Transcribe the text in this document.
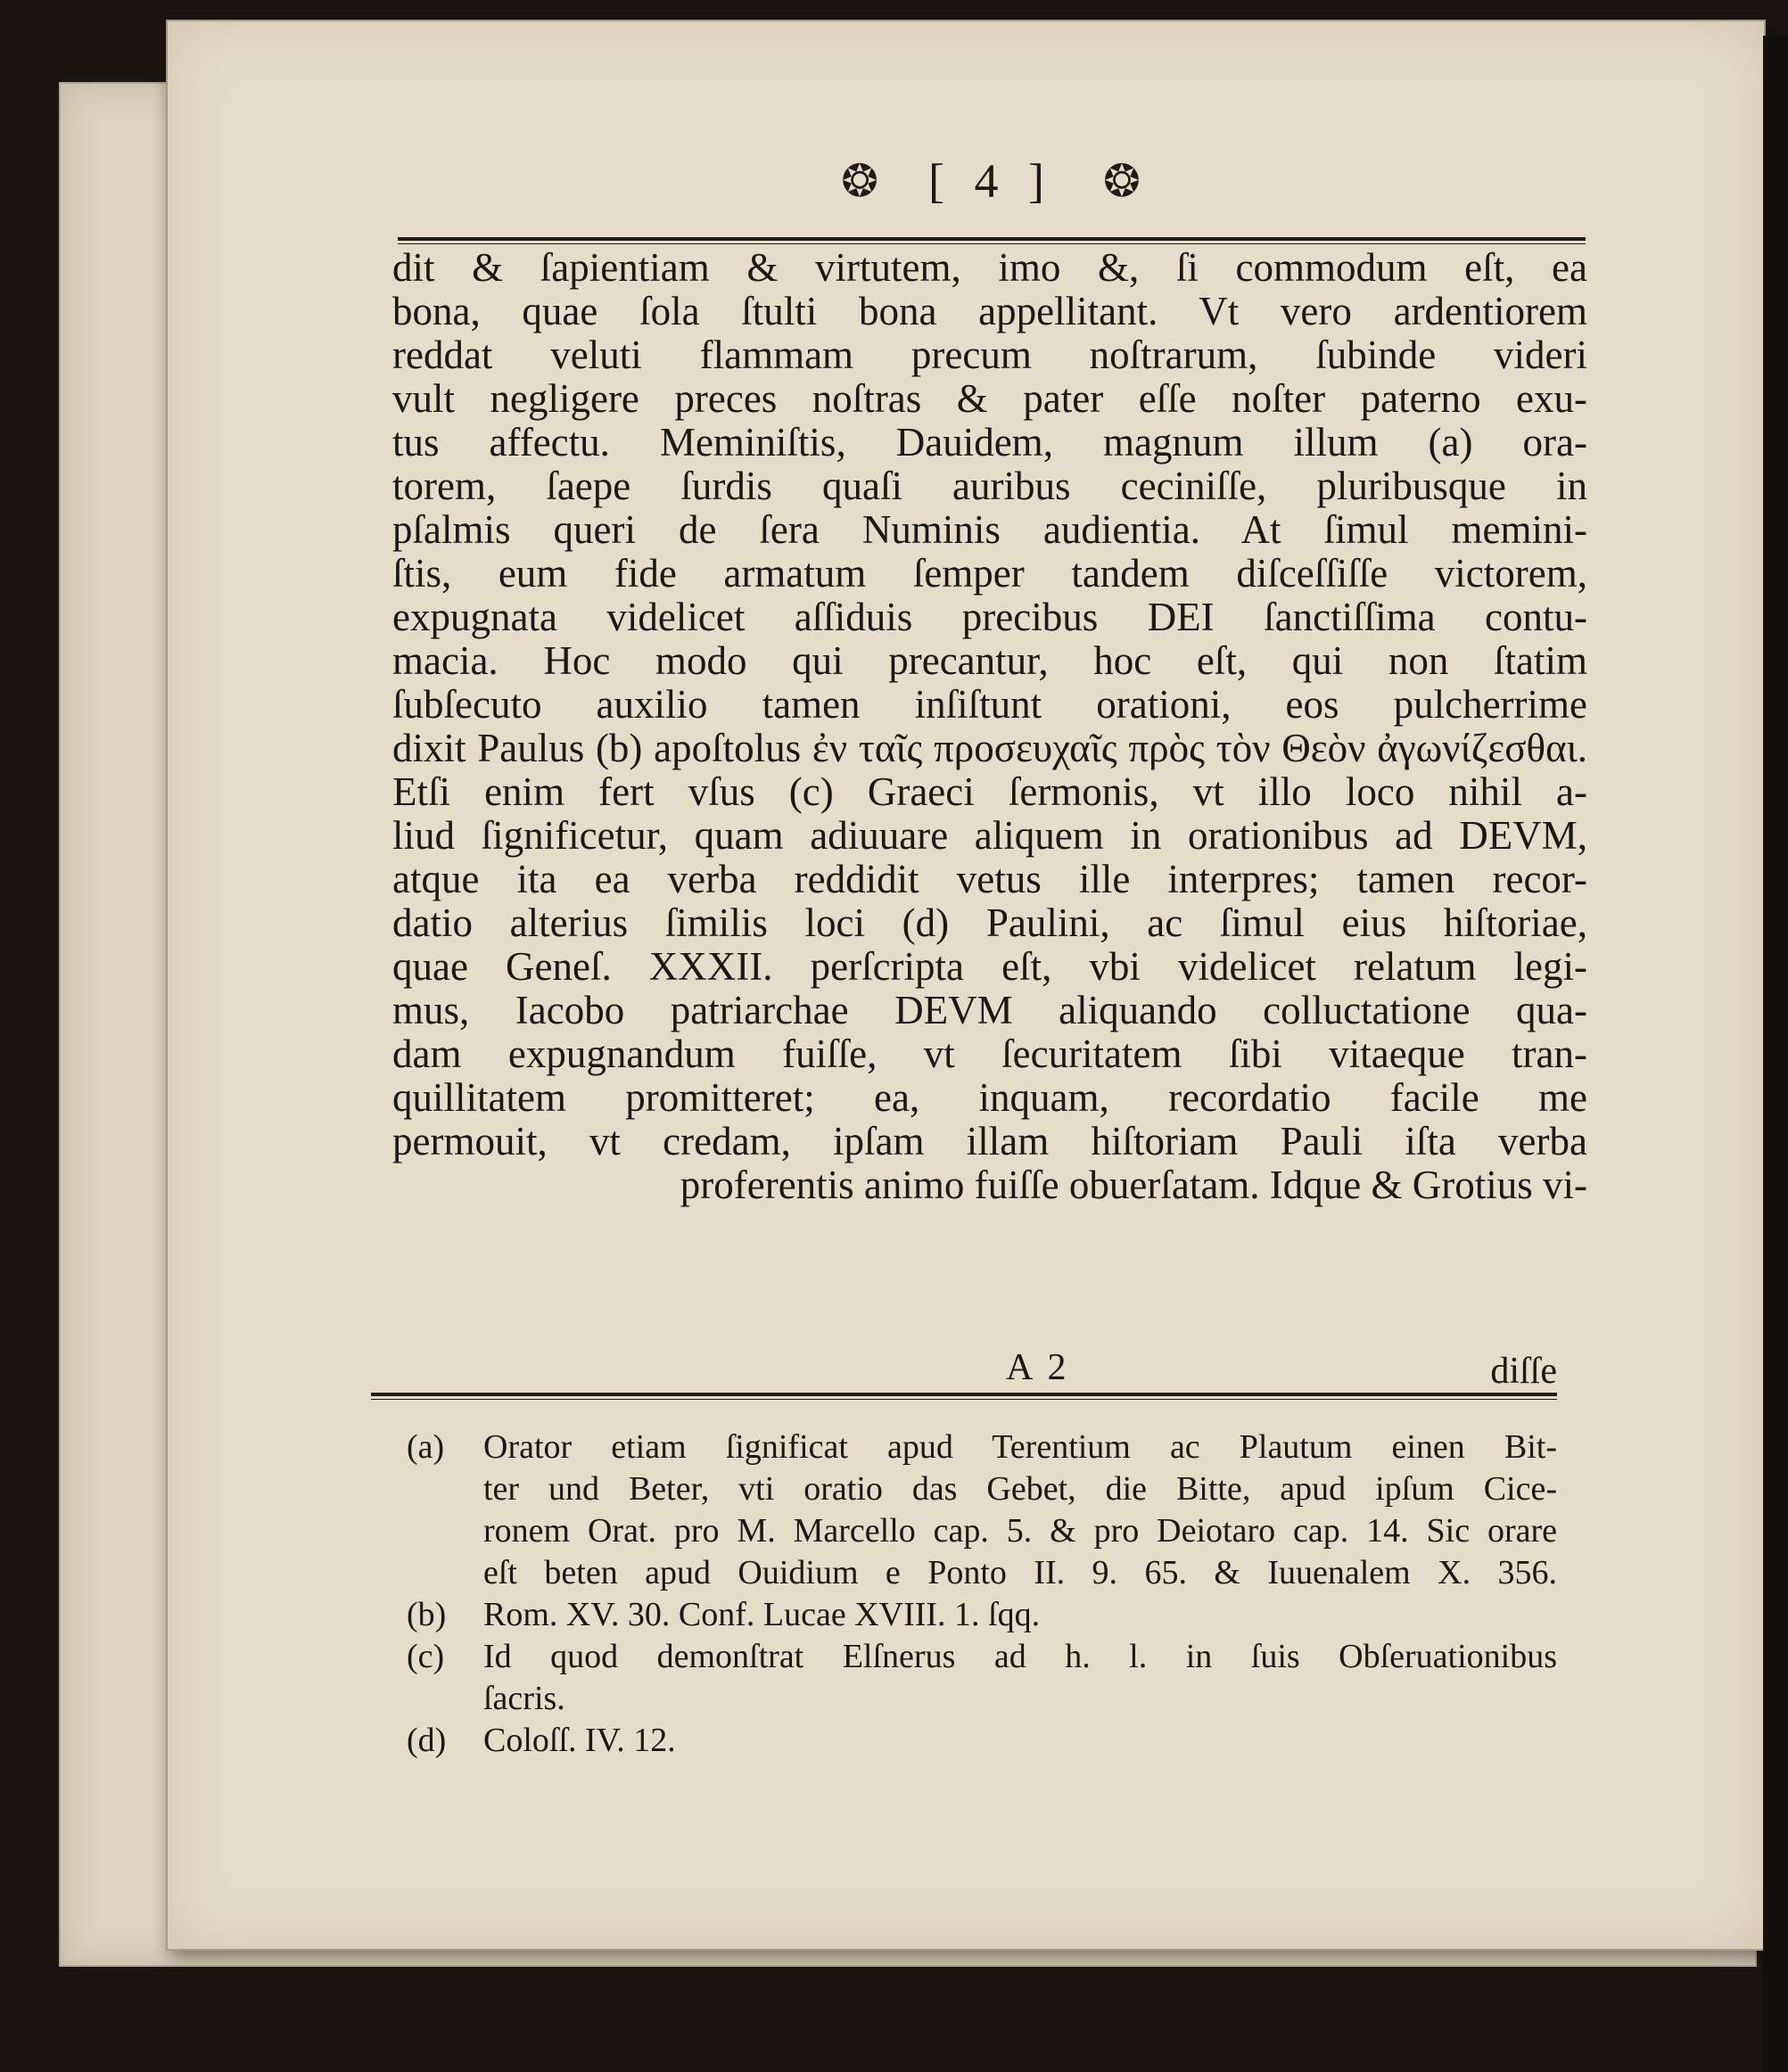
❂ [ 4 ] ❂
dit & ſapientiam & virtutem, imo &, ſi commodum eſt, ea
bona, quae ſola ſtulti bona appellitant. Vt vero ardentiorem
reddat veluti flammam precum noſtrarum, ſubinde videri
vult negligere preces noſtras & pater eſſe noſter paterno exu-
tus affectu. Meminiſtis, Dauidem, magnum illum (a) ora-
torem, ſaepe ſurdis quaſi auribus ceciniſſe, pluribusque in
pſalmis queri de ſera Numinis audientia. At ſimul memini-
ſtis, eum fide armatum ſemper tandem diſceſſiſſe victorem,
expugnata videlicet aſſiduis precibus DEI ſanctiſſima contu-
macia. Hoc modo qui precantur, hoc eſt, qui non ſtatim
ſubſecuto auxilio tamen inſiſtunt orationi, eos pulcherrime
dixit Paulus (b) apoſtolus ἐν ταῖς προσευχαῖς πρὸς τὸν Θεὸν ἀγωνίζεσθαι.
Etſi enim fert vſus (c) Graeci ſermonis, vt illo loco nihil a-
liud ſignificetur, quam adiuuare aliquem in orationibus ad DEVM,
atque ita ea verba reddidit vetus ille interpres; tamen recor-
datio alterius ſimilis loci (d) Paulini, ac ſimul eius hiſtoriae,
quae Geneſ. XXXII. perſcripta eſt, vbi videlicet relatum legi-
mus, Iacobo patriarchae DEVM aliquando colluctatione qua-
dam expugnandum fuiſſe, vt ſecuritatem ſibi vitaeque tran-
quillitatem promitteret; ea, inquam, recordatio facile me
permouit, vt credam, ipſam illam hiſtoriam Pauli iſta verba
proferentis animo fuiſſe obuerſatam. Idque & Grotius vi-
A 2	diſſe
(a)	Orator etiam ſignificat apud Terentium ac Plautum einen Bit-
ter und Beter, vti oratio das Gebet, die Bitte, apud ipſum Cice-
ronem Orat. pro M. Marcello cap. 5. & pro Deiotaro cap. 14. Sic orare
eſt beten apud Ouidium e Ponto II. 9. 65. & Iuuenalem X. 356.
(b)	Rom. XV. 30. Conf. Lucae XVIII. 1. ſqq.
(c)	Id quod demonſtrat Elſnerus ad h. l. in ſuis Obſeruationibus
ſacris.
(d)	Coloſſ. IV. 12.
